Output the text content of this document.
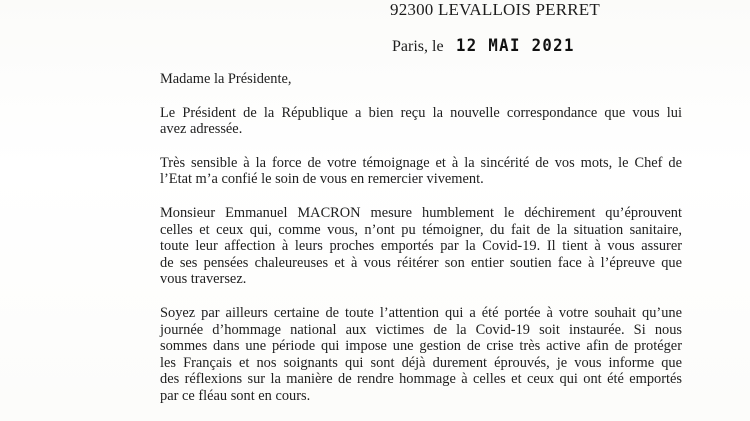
92300 LEVALLOIS PERRET
Paris, le 12 MAI 2021
Madame la Présidente,
Le Président de la République a bien reçu la nouvelle correspondance que vous lui
avez adressée.
Très sensible à la force de votre témoignage et à la sincérité de vos mots, le Chef de
l’Etat m’a confié le soin de vous en remercier vivement.
Monsieur Emmanuel MACRON mesure humblement le déchirement qu’éprouvent
celles et ceux qui, comme vous, n’ont pu témoigner, du fait de la situation sanitaire,
toute leur affection à leurs proches emportés par la Covid-19. Il tient à vous assurer
de ses pensées chaleureuses et à vous réitérer son entier soutien face à l’épreuve que
vous traversez.
Soyez par ailleurs certaine de toute l’attention qui a été portée à votre souhait qu’une
journée d’hommage national aux victimes de la Covid-19 soit instaurée. Si nous
sommes dans une période qui impose une gestion de crise très active afin de protéger
les Français et nos soignants qui sont déjà durement éprouvés, je vous informe que
des réflexions sur la manière de rendre hommage à celles et ceux qui ont été emportés
par ce fléau sont en cours.
